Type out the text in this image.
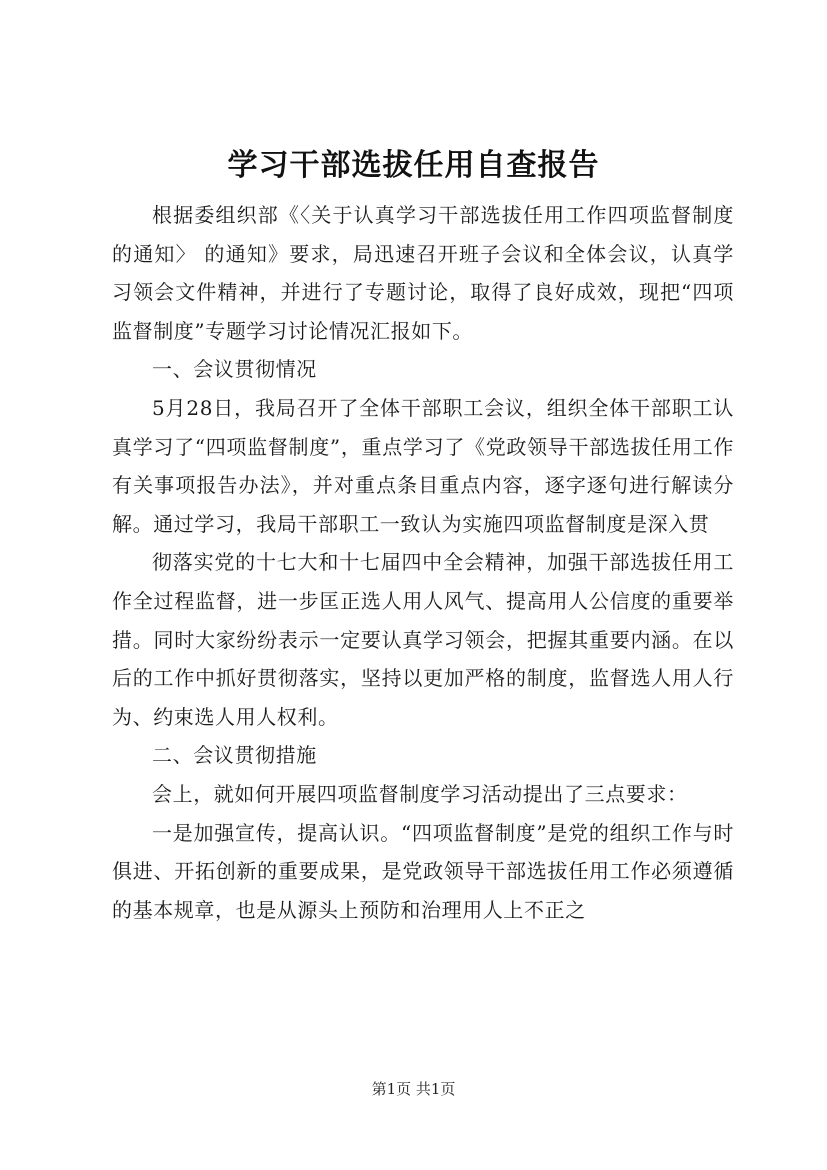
学习干部选拔任用自查报告

根据委组织部《〈关于认真学习干部选拔任用工作四项监督制度的通知〉 的通知》要求，局迅速召开班子会议和全体会议，认真学习领会文件精神，并进行了专题讨论，取得了良好成效，现把“四项监督制度”专题学习讨论情况汇报如下。

一、会议贯彻情况

5月28日，我局召开了全体干部职工会议，组织全体干部职工认真学习了“四项监督制度”，重点学习了《党政领导干部选拔任用工作有关事项报告办法》，并对重点条目重点内容，逐字逐句进行解读分解。通过学习，我局干部职工一致认为实施四项监督制度是深入贯

彻落实党的十七大和十七届四中全会精神，加强干部选拔任用工作全过程监督，进一步匡正选人用人风气、提高用人公信度的重要举措。同时大家纷纷表示一定要认真学习领会，把握其重要内涵。在以后的工作中抓好贯彻落实，坚持以更加严格的制度，监督选人用人行为、约束选人用人权利。

二、会议贯彻措施

会上，就如何开展四项监督制度学习活动提出了三点要求：

一是加强宣传，提高认识。“四项监督制度”是党的组织工作与时俱进、开拓创新的重要成果，是党政领导干部选拔任用工作必须遵循的基本规章，也是从源头上预防和治理用人上不正之

第1页 共1页
